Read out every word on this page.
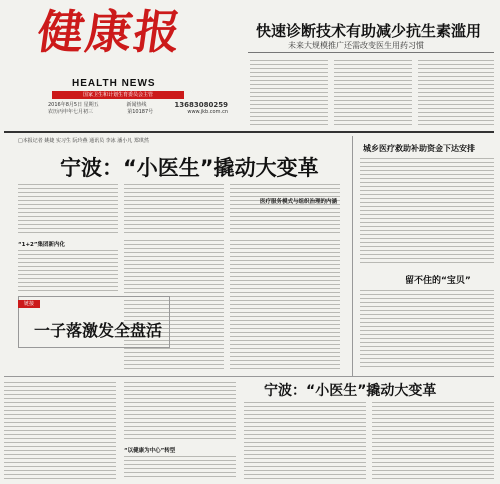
健康报
HEALTH NEWS
国家卫生和计划生育委员会主管
2016年8月5日 星期五	新闻热线	13683080259
农历丙申年七月初三	第10187号	www.jkb.com.cn
快速诊断技术有助减少抗生素滥用
未来大规模推广还需改变医生用药习惯
□本报记者 姚婕 实习生 阮玲燕 通讯员 李冰 潘小凡 郑琪然
宁波：“小医生”撬动大变革
“1+2”集团新内化
医疗服务模式与组织治理的内涵
链接
一子落激发全盘活
城乡医疗救助补助资金下达安排
留不住的“宝贝”
宁波：“小医生”撬动大变革
“以健康为中心”转型
